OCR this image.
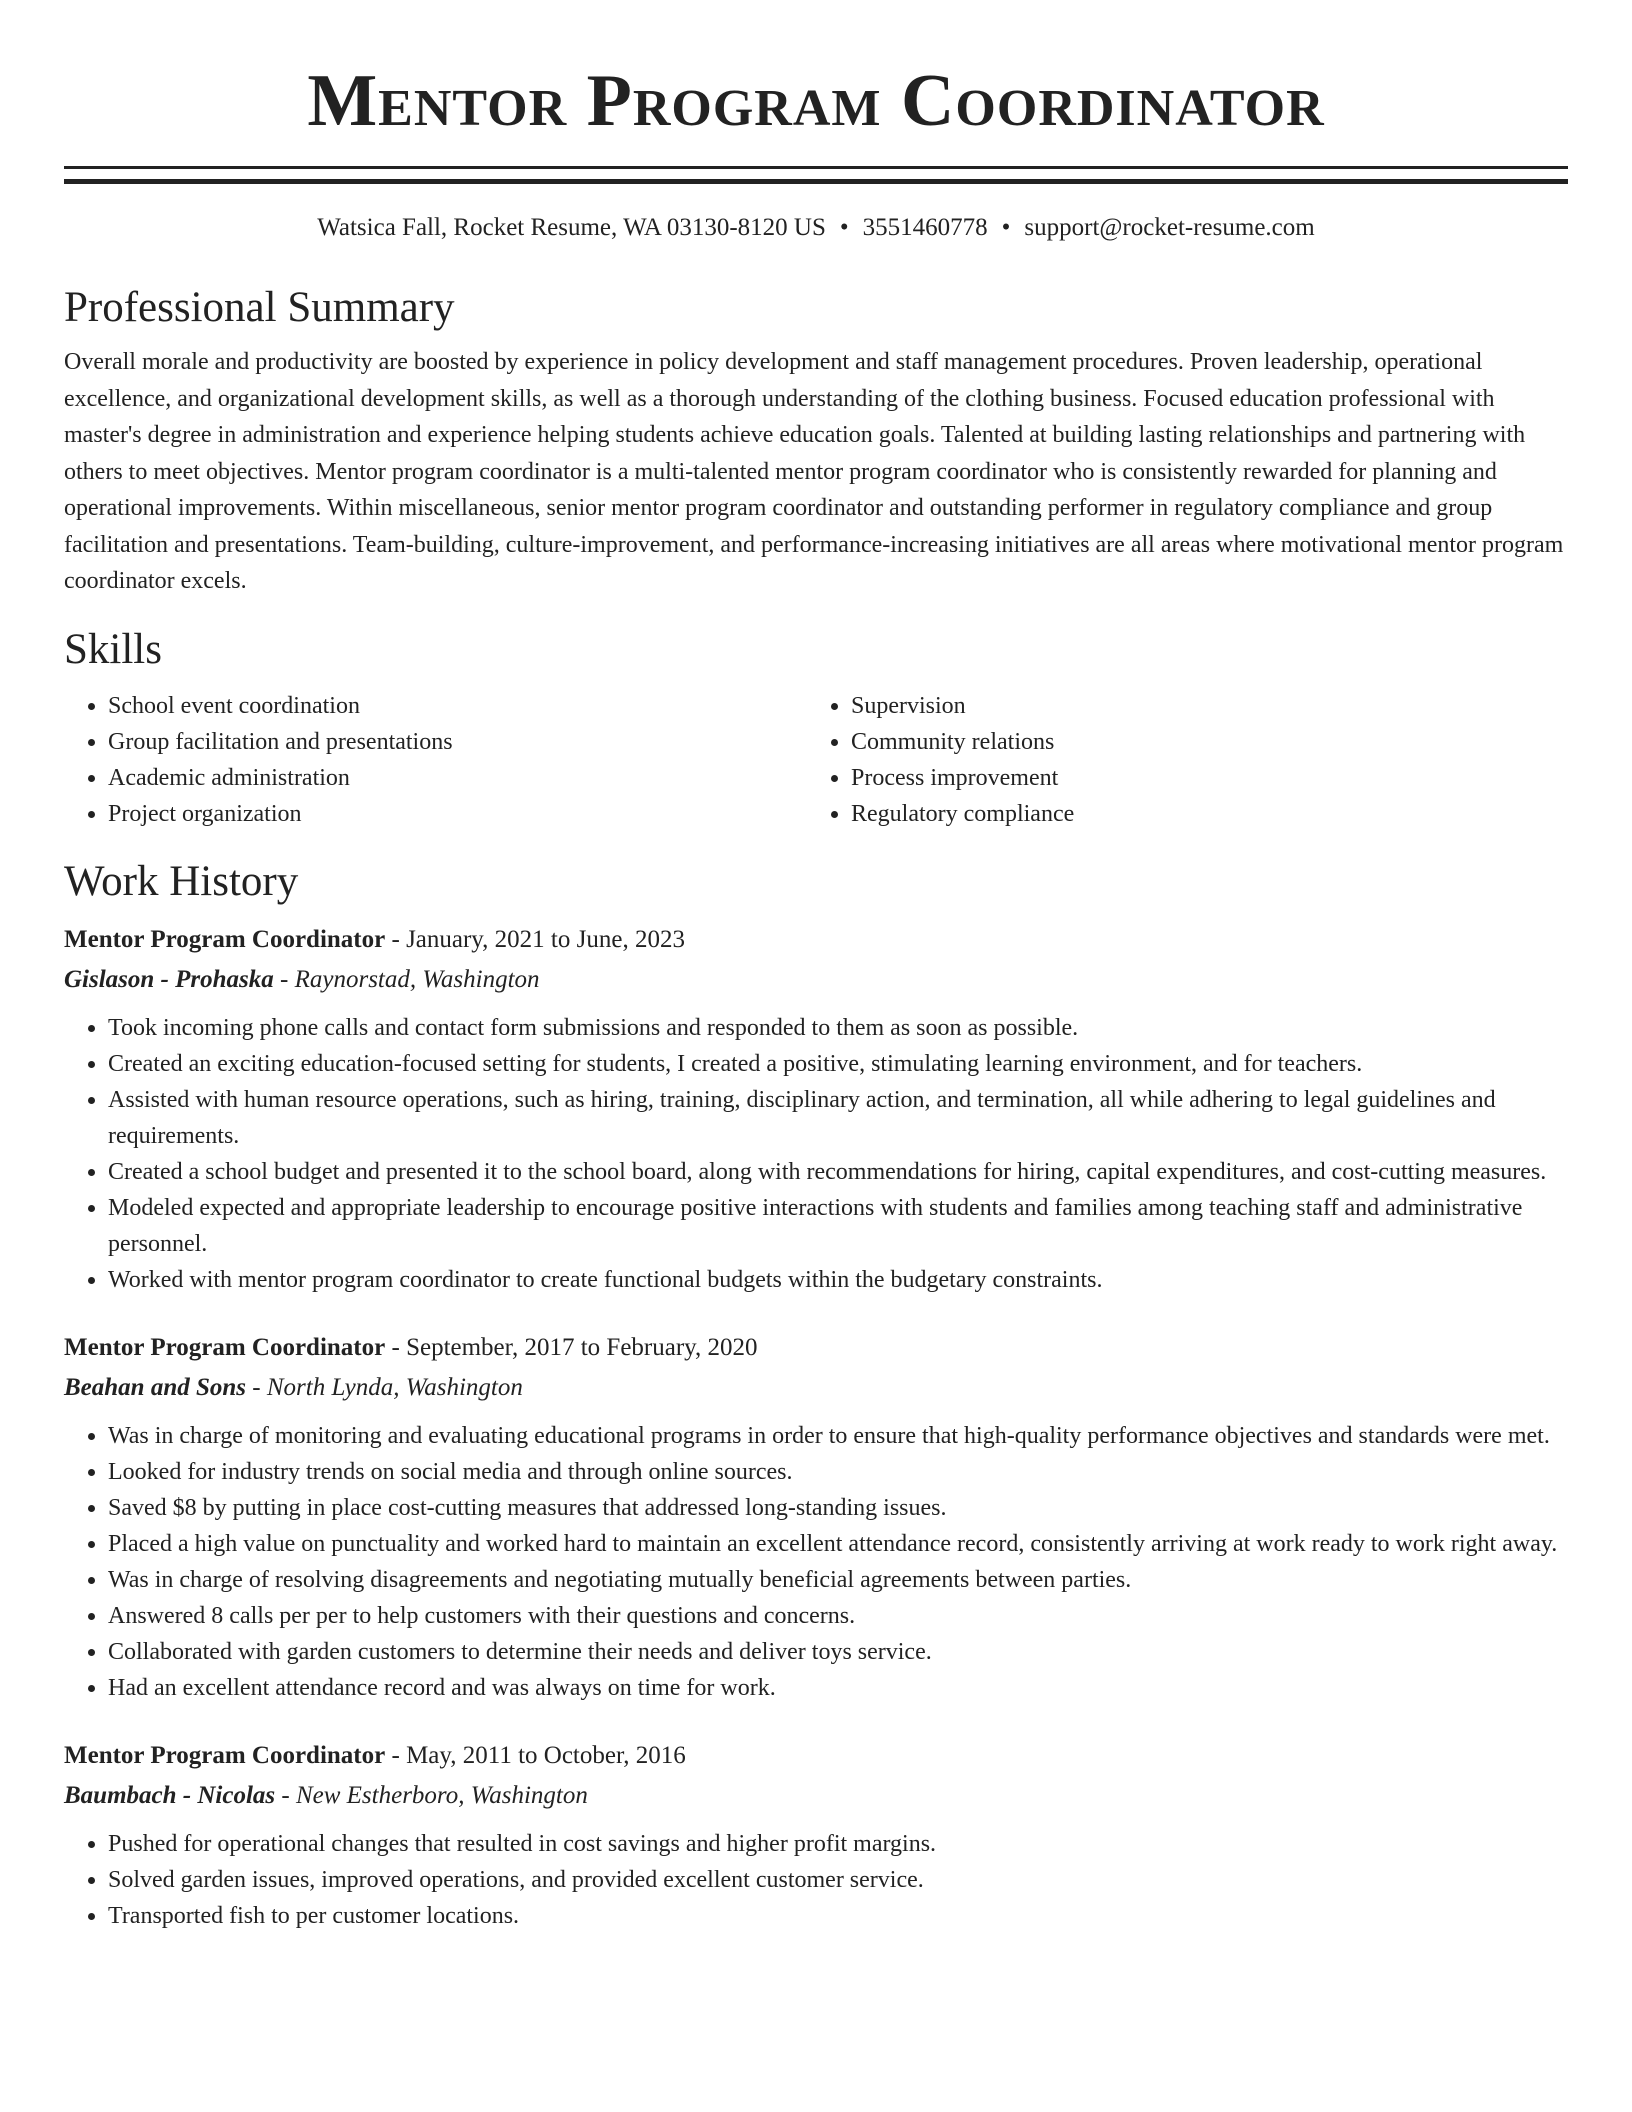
Mentor Program Coordinator
Watsica Fall, Rocket Resume, WA 03130-8120 US • 3551460778 • support@rocket-resume.com
Professional Summary

Overall morale and productivity are boosted by experience in policy development and staff management procedures. Proven leadership, operational excellence, and organizational development skills, as well as a thorough understanding of the clothing business. Focused education professional with master's degree in administration and experience helping students achieve education goals. Talented at building lasting relationships and partnering with others to meet objectives. Mentor program coordinator is a multi-talented mentor program coordinator who is consistently rewarded for planning and operational improvements. Within miscellaneous, senior mentor program coordinator and outstanding performer in regulatory compliance and group facilitation and presentations. Team-building, culture-improvement, and performance-increasing initiatives are all areas where motivational mentor program coordinator excels.

Skills
• School event coordination
• Group facilitation and presentations
• Academic administration
• Project organization
• Supervision
• Community relations
• Process improvement
• Regulatory compliance
Work History
Mentor Program Coordinator - January, 2021 to June, 2023
Gislason - Prohaska - Raynorstad, Washington
• Took incoming phone calls and contact form submissions and responded to them as soon as possible.
• Created an exciting education-focused setting for students, I created a positive, stimulating learning environment, and for teachers.
• Assisted with human resource operations, such as hiring, training, disciplinary action, and termination, all while adhering to legal guidelines and requirements.
• Created a school budget and presented it to the school board, along with recommendations for hiring, capital expenditures, and cost-cutting measures.
• Modeled expected and appropriate leadership to encourage positive interactions with students and families among teaching staff and administrative personnel.
• Worked with mentor program coordinator to create functional budgets within the budgetary constraints.
Mentor Program Coordinator - September, 2017 to February, 2020
Beahan and Sons - North Lynda, Washington
• Was in charge of monitoring and evaluating educational programs in order to ensure that high-quality performance objectives and standards were met.
• Looked for industry trends on social media and through online sources.
• Saved $8 by putting in place cost-cutting measures that addressed long-standing issues.
• Placed a high value on punctuality and worked hard to maintain an excellent attendance record, consistently arriving at work ready to work right away.
• Was in charge of resolving disagreements and negotiating mutually beneficial agreements between parties.
• Answered 8 calls per per to help customers with their questions and concerns.
• Collaborated with garden customers to determine their needs and deliver toys service.
• Had an excellent attendance record and was always on time for work.
Mentor Program Coordinator - May, 2011 to October, 2016
Baumbach - Nicolas - New Estherboro, Washington
• Pushed for operational changes that resulted in cost savings and higher profit margins.
• Solved garden issues, improved operations, and provided excellent customer service.
• Transported fish to per customer locations.
